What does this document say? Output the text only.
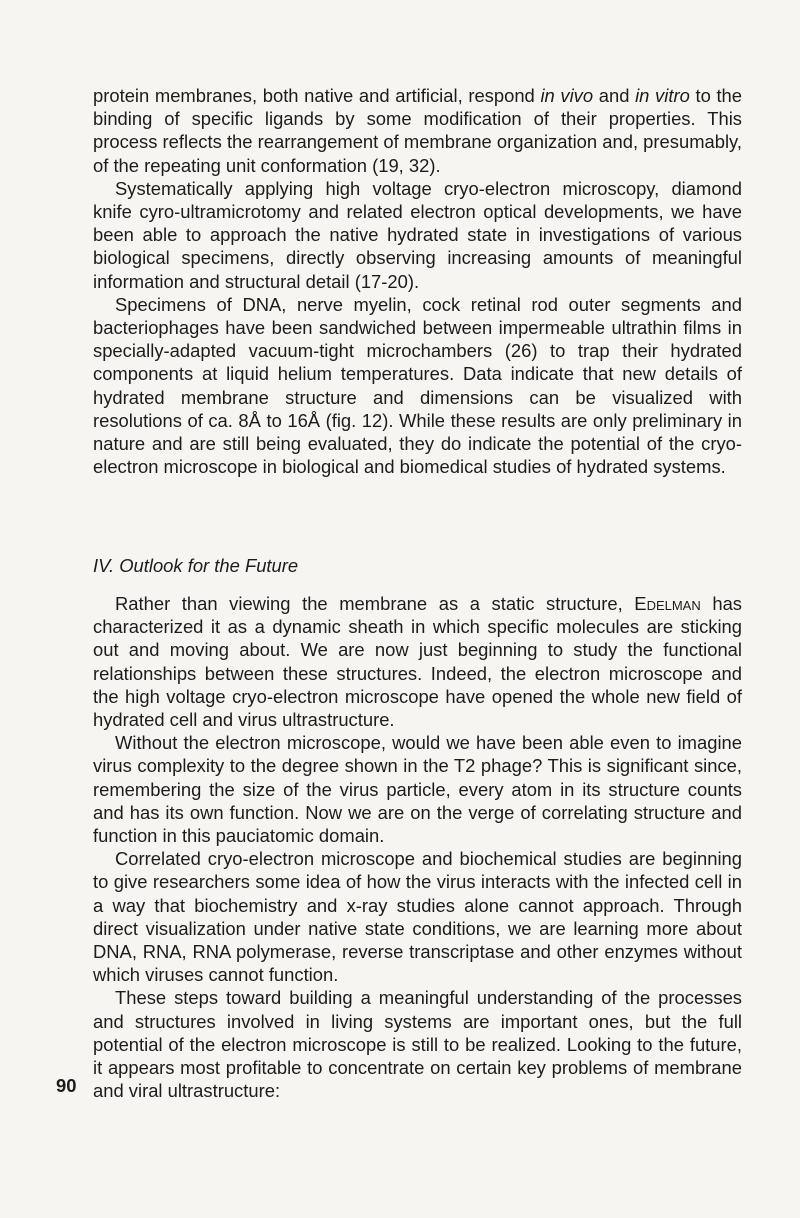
protein membranes, both native and artificial, respond in vivo and in vitro to the binding of specific ligands by some modification of their properties. This process reflects the rearrangement of membrane organization and, presumably, of the repeating unit conformation (19, 32).

Systematically applying high voltage cryo-electron microscopy, diamond knife cyro-ultramicrotomy and related electron optical developments, we have been able to approach the native hydrated state in investigations of various biological specimens, directly observing increasing amounts of meaningful information and structural detail (17-20).

Specimens of DNA, nerve myelin, cock retinal rod outer segments and bacteriophages have been sandwiched between impermeable ultrathin films in specially-adapted vacuum-tight microchambers (26) to trap their hydrated components at liquid helium temperatures. Data indicate that new details of hydrated membrane structure and dimensions can be visualized with resolutions of ca. 8Å to 16Å (fig. 12). While these results are only preliminary in nature and are still being evaluated, they do indicate the potential of the cryo-electron microscope in biological and biomedical studies of hydrated systems.

IV. Outlook for the Future

Rather than viewing the membrane as a static structure, Edelman has characterized it as a dynamic sheath in which specific molecules are sticking out and moving about. We are now just beginning to study the functional relationships between these structures. Indeed, the electron microscope and the high voltage cryo-electron microscope have opened the whole new field of hydrated cell and virus ultrastructure.

Without the electron microscope, would we have been able even to imagine virus complexity to the degree shown in the T2 phage? This is significant since, remembering the size of the virus particle, every atom in its structure counts and has its own function. Now we are on the verge of correlating structure and function in this pauciatomic domain.

Correlated cryo-electron microscope and biochemical studies are beginning to give researchers some idea of how the virus interacts with the infected cell in a way that biochemistry and x-ray studies alone cannot approach. Through direct visualization under native state conditions, we are learning more about DNA, RNA, RNA polymerase, reverse transcriptase and other enzymes without which viruses cannot function.

These steps toward building a meaningful understanding of the processes and structures involved in living systems are important ones, but the full potential of the electron microscope is still to be realized. Looking to the future, it appears most profitable to concentrate on certain key problems of membrane and viral ultrastructure:

90
